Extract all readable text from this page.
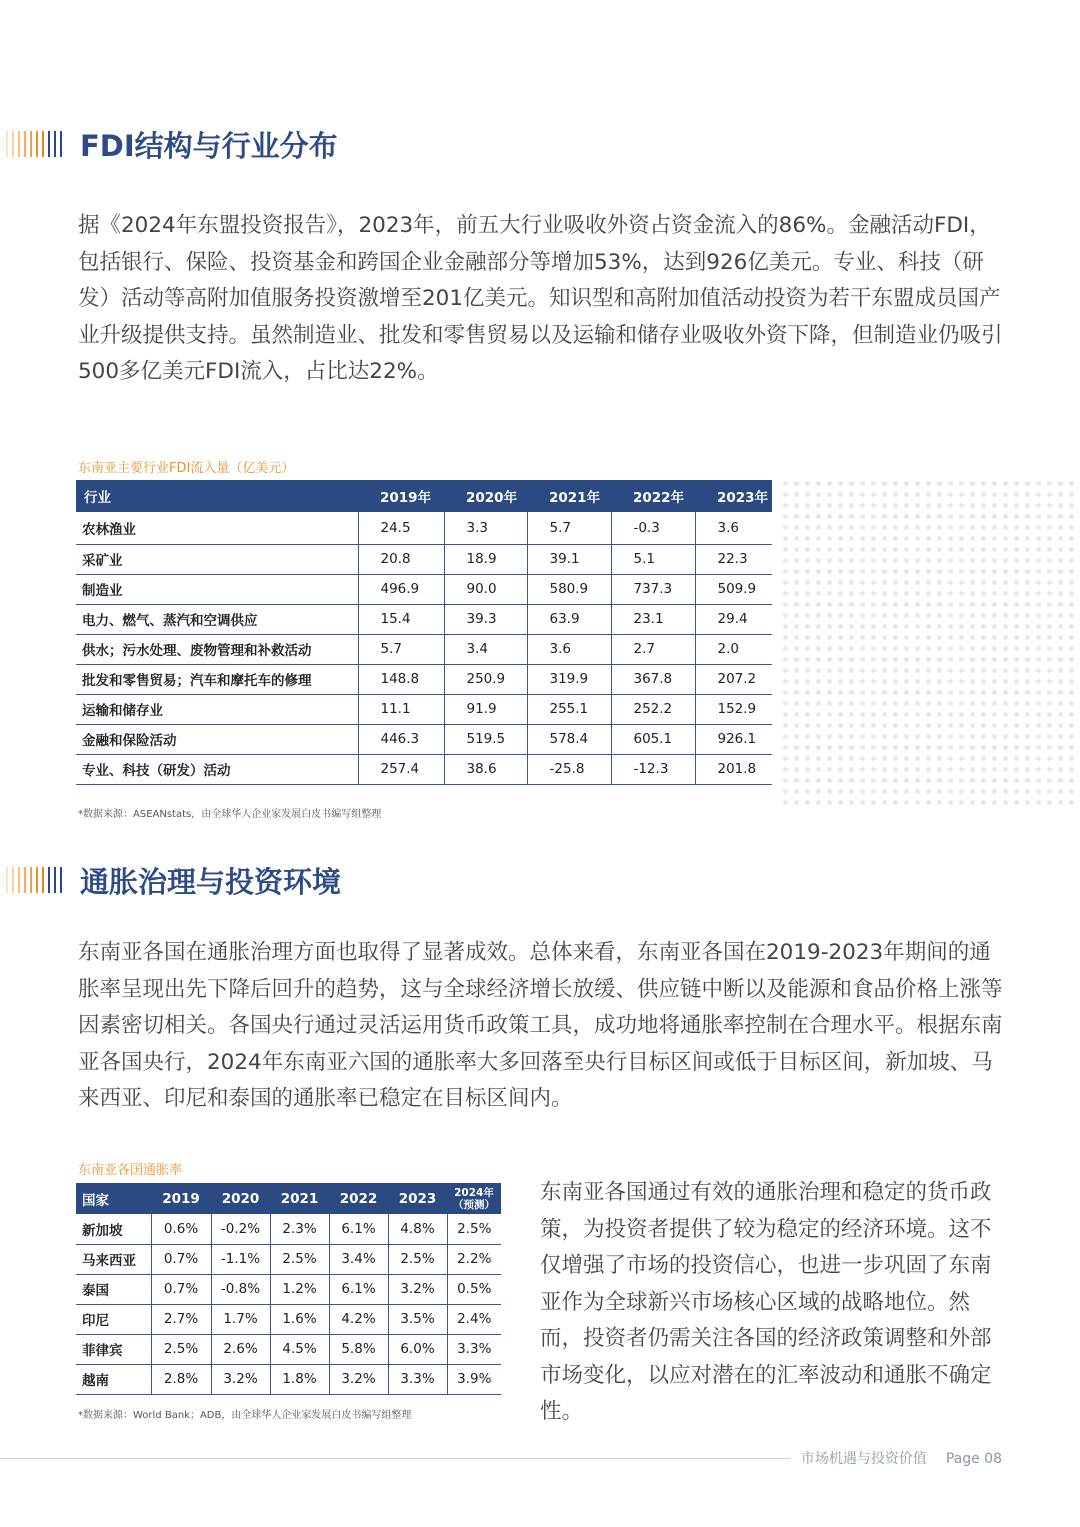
FDI结构与行业分布

据《2024年东盟投资报告》，2023年，前五大行业吸收外资占资金流入的86%。金融活动FDI，包括银行、保险、投资基金和跨国企业金融部分等增加53%，达到926亿美元。专业、科技（研发）活动等高附加值服务投资激增至201亿美元。知识型和高附加值活动投资为若干东盟成员国产业升级提供支持。虽然制造业、批发和零售贸易以及运输和储存业吸收外资下降，但制造业仍吸引500多亿美元FDI流入，占比达22%。

东南亚主要行业FDI流入量（亿美元）
行业	2019年	2020年	2021年	2022年	2023年
农林渔业	24.5	3.3	5.7	-0.3	3.6
采矿业	20.8	18.9	39.1	5.1	22.3
制造业	496.9	90.0	580.9	737.3	509.9
电力、燃气、蒸汽和空调供应	15.4	39.3	63.9	23.1	29.4
供水；污水处理、废物管理和补救活动	5.7	3.4	3.6	2.7	2.0
批发和零售贸易；汽车和摩托车的修理	148.8	250.9	319.9	367.8	207.2
运输和储存业	11.1	91.9	255.1	252.2	152.9
金融和保险活动	446.3	519.5	578.4	605.1	926.1
专业、科技（研发）活动	257.4	38.6	-25.8	-12.3	201.8
*数据来源：ASEANstats，由全球华人企业家发展白皮书编写组整理
通胀治理与投资环境

东南亚各国在通胀治理方面也取得了显著成效。总体来看，东南亚各国在2019-2023年期间的通胀率呈现出先下降后回升的趋势，这与全球经济增长放缓、供应链中断以及能源和食品价格上涨等因素密切相关。各国央行通过灵活运用货币政策工具，成功地将通胀率控制在合理水平。根据东南亚各国央行，2024年东南亚六国的通胀率大多回落至央行目标区间或低于目标区间，新加坡、马来西亚、印尼和泰国的通胀率已稳定在目标区间内。

东南亚各国通胀率
国家	2019	2020	2021	2022	2023	2024年
（预测）

新加坡	0.6%	-0.2%	2.3%	6.1%	4.8%	2.5%
马来西亚	0.7%	-1.1%	2.5%	3.4%	2.5%	2.2%
泰国	0.7%	-0.8%	1.2%	6.1%	3.2%	0.5%
印尼	2.7%	1.7%	1.6%	4.2%	3.5%	2.4%
菲律宾	2.5%	2.6%	4.5%	5.8%	6.0%	3.3%
越南	2.8%	3.2%	1.8%	3.2%	3.3%	3.9%
*数据来源：World Bank；ADB，由全球华人企业家发展白皮书编写组整理

东南亚各国通过有效的通胀治理和稳定的货币政策，为投资者提供了较为稳定的经济环境。这不仅增强了市场的投资信心，也进一步巩固了东南亚作为全球新兴市场核心区域的战略地位。然而，投资者仍需关注各国的经济政策调整和外部市场变化，以应对潜在的汇率波动和通胀不确定性。

市场机遇与投资价值 Page 08
